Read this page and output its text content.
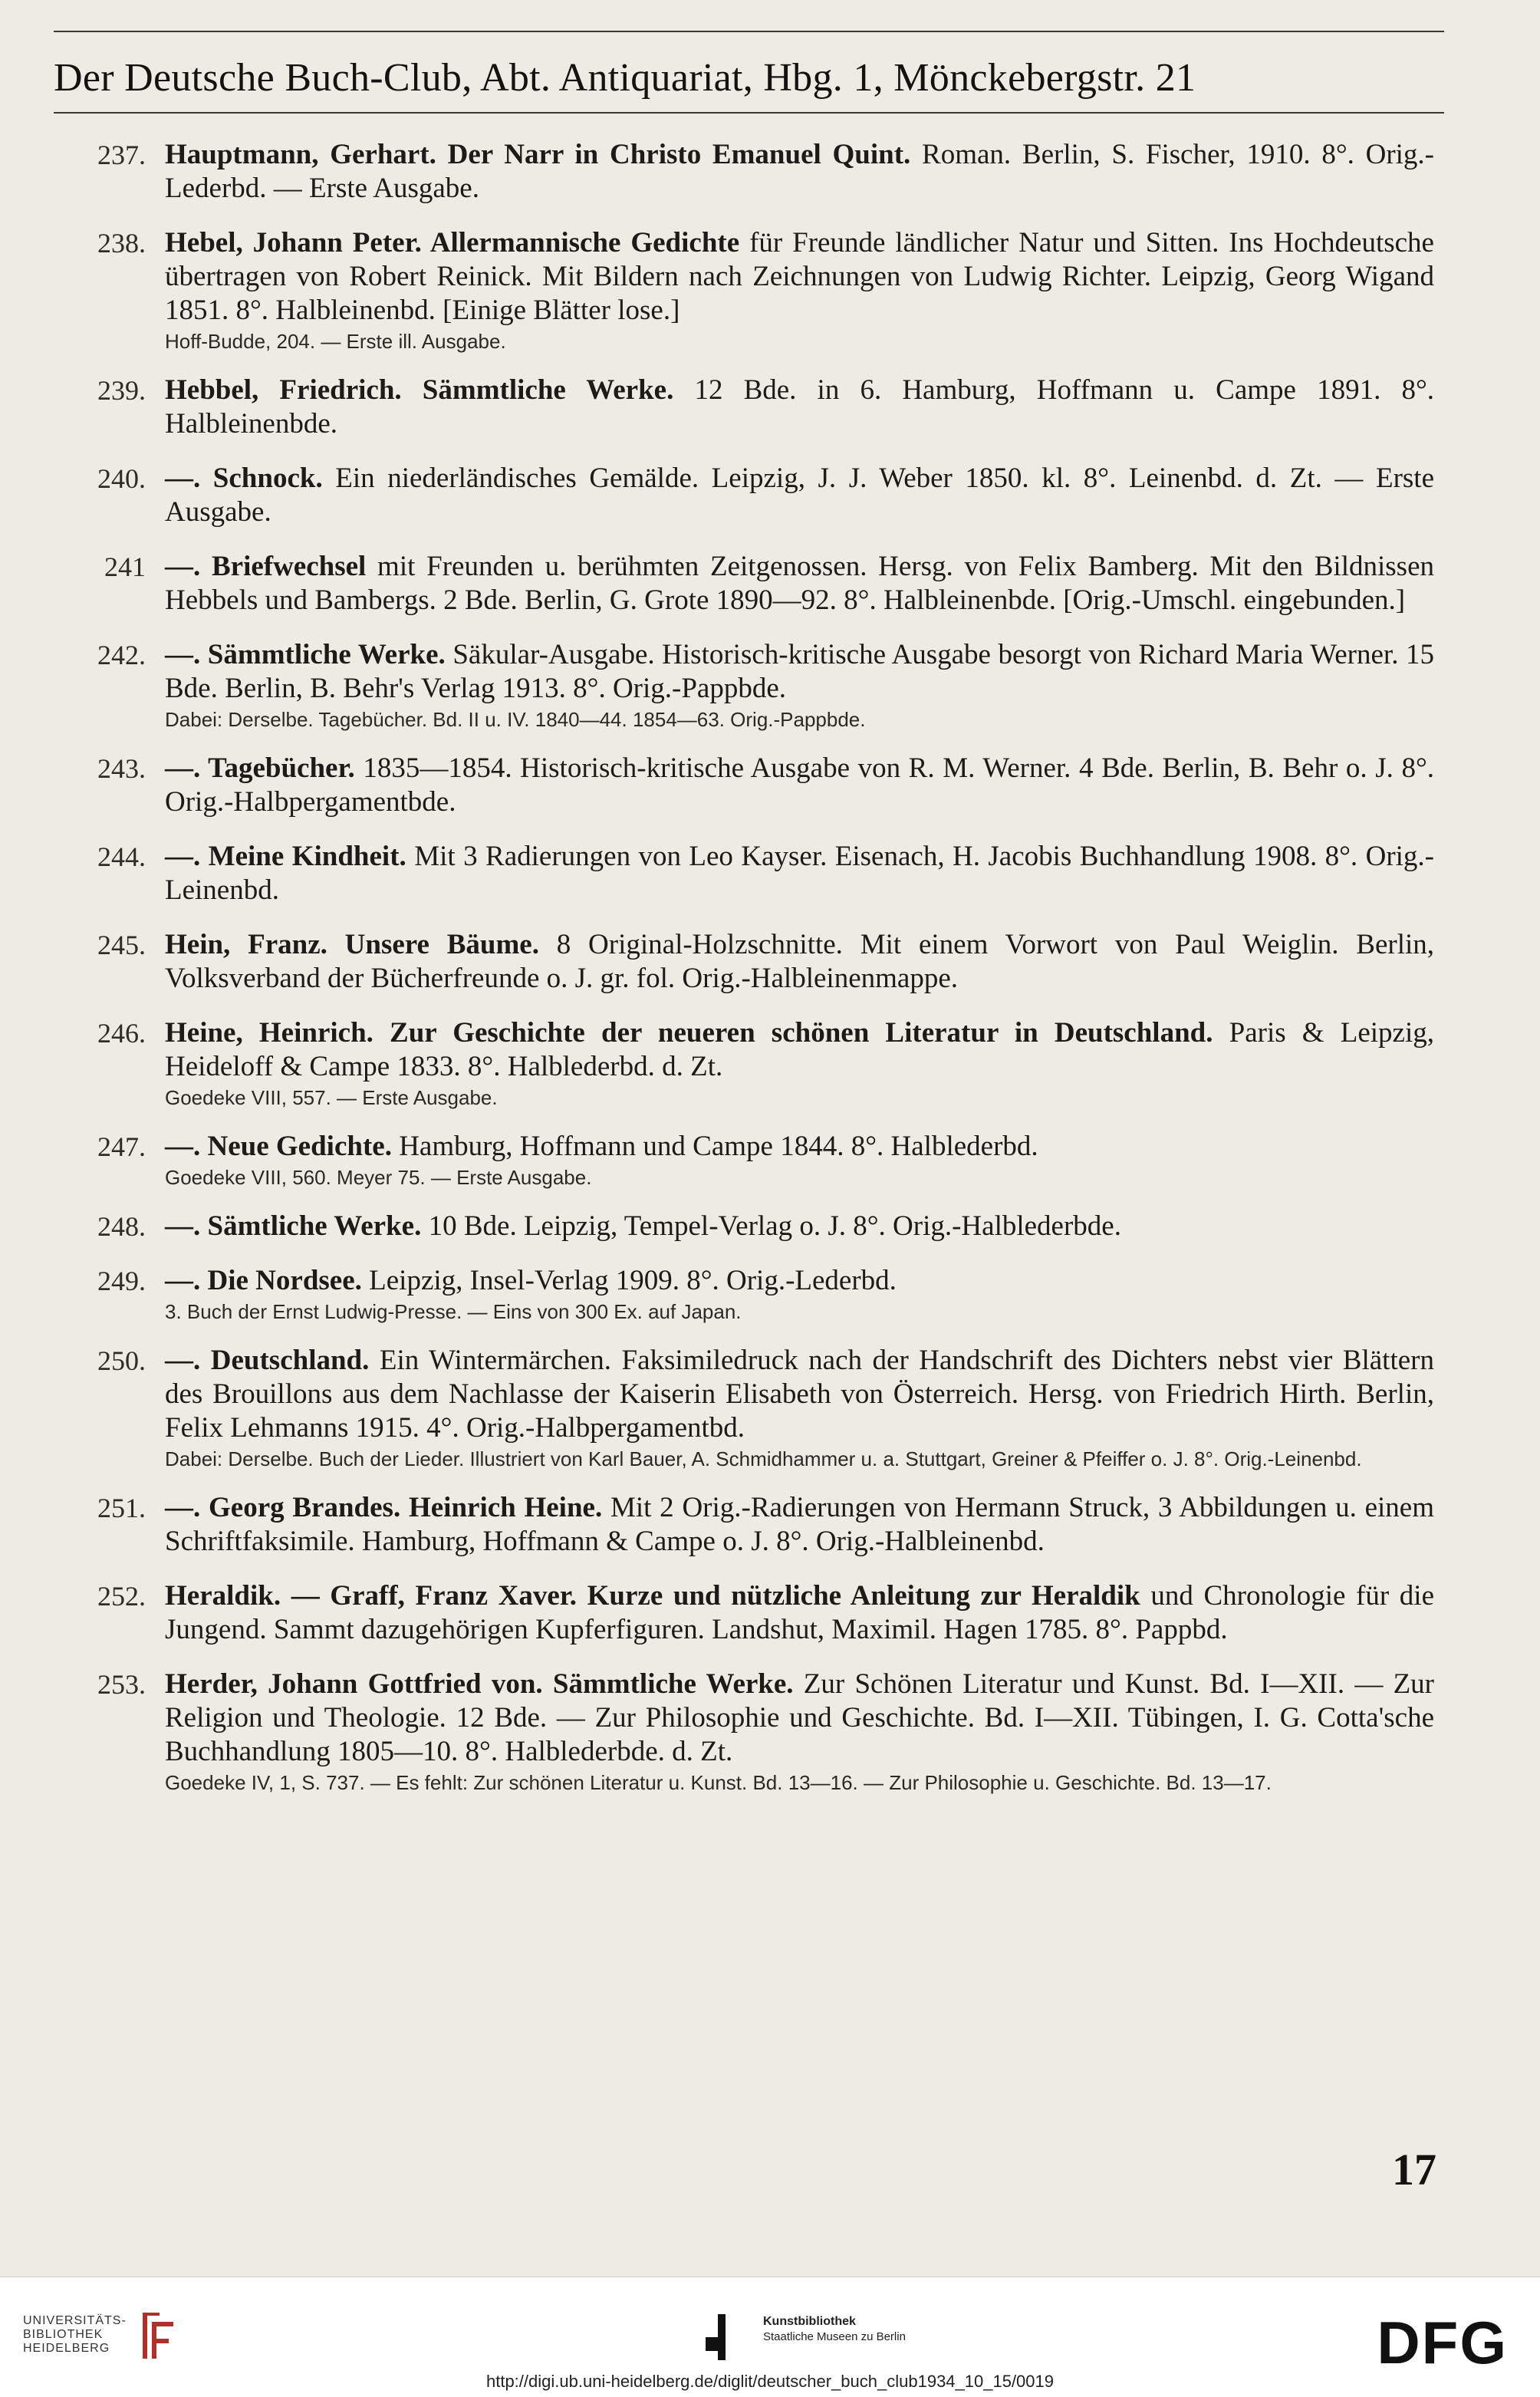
Der Deutsche Buch-Club, Abt. Antiquariat, Hbg. 1, Mönckebergstr. 21
237. Hauptmann, Gerhart. Der Narr in Christo Emanuel Quint. Roman. Berlin, S. Fischer, 1910. 8°. Orig.-Lederbd. — Erste Ausgabe.
238. Hebel, Johann Peter. Allermannische Gedichte für Freunde ländlicher Natur und Sitten. Ins Hochdeutsche übertragen von Robert Reinick. Mit Bildern nach Zeichnungen von Ludwig Richter. Leipzig, Georg Wigand 1851. 8°. Halbleinenbd. [Einige Blätter lose.]
Hoff-Budde, 204. — Erste ill. Ausgabe.
239. Hebbel, Friedrich. Sämmtliche Werke. 12 Bde. in 6. Hamburg, Hoffmann u. Campe 1891. 8°. Halbleinenbde.
240. —. Schnock. Ein niederländisches Gemälde. Leipzig, J. J. Weber 1850. kl. 8°. Leinenbd. d. Zt. — Erste Ausgabe.
241 —. Briefwechsel mit Freunden u. berühmten Zeitgenossen. Hersg. von Felix Bamberg. Mit den Bildnissen Hebbels und Bambergs. 2 Bde. Berlin, G. Grote 1890—92. 8°. Halbleinenbde. [Orig.-Umschl. eingebunden.]
242. —. Sämmtliche Werke. Säkular-Ausgabe. Historisch-kritische Ausgabe besorgt von Richard Maria Werner. 15 Bde. Berlin, B. Behr's Verlag 1913. 8°. Orig.-Pappbde.
Dabei: Derselbe. Tagebücher. Bd. II u. IV. 1840—44. 1854—63. Orig.-Pappbde.
243. —. Tagebücher. 1835—1854. Historisch-kritische Ausgabe von R. M. Werner. 4 Bde. Berlin, B. Behr o. J. 8°. Orig.-Halbpergamentbde.
244. —. Meine Kindheit. Mit 3 Radierungen von Leo Kayser. Eisenach, H. Jacobis Buchhandlung 1908. 8°. Orig.-Leinenbd.
245. Hein, Franz. Unsere Bäume. 8 Original-Holzschnitte. Mit einem Vorwort von Paul Weiglin. Berlin, Volksverband der Bücherfreunde o. J. gr. fol. Orig.-Halbleinenmappe.
246. Heine, Heinrich. Zur Geschichte der neueren schönen Literatur in Deutschland. Paris & Leipzig, Heideloff & Campe 1833. 8°. Halblederbd. d. Zt.
Goedeke VIII, 557. — Erste Ausgabe.
247. —. Neue Gedichte. Hamburg, Hoffmann und Campe 1844. 8°. Halblederbd.
Goedeke VIII, 560. Meyer 75. — Erste Ausgabe.
248. —. Sämtliche Werke. 10 Bde. Leipzig, Tempel-Verlag o. J. 8°. Orig.-Halblederbde.
249. —. Die Nordsee. Leipzig, Insel-Verlag 1909. 8°. Orig.-Lederbd.
3. Buch der Ernst Ludwig-Presse. — Eins von 300 Ex. auf Japan.
250. —. Deutschland. Ein Wintermärchen. Faksimiledruck nach der Handschrift des Dichters nebst vier Blättern des Brouillons aus dem Nachlasse der Kaiserin Elisabeth von Österreich. Hersg. von Friedrich Hirth. Berlin, Felix Lehmanns 1915. 4°. Orig.-Halbpergamentbd.
Dabei: Derselbe. Buch der Lieder. Illustriert von Karl Bauer, A. Schmidhammer u. a. Stuttgart, Greiner & Pfeiffer o. J. 8°. Orig.-Leinenbd.
251. —. Georg Brandes. Heinrich Heine. Mit 2 Orig.-Radierungen von Hermann Struck, 3 Abbildungen u. einem Schriftfaksimile. Hamburg, Hoffmann & Campe o. J. 8°. Orig.-Halbleinenbd.
252. Heraldik. — Graff, Franz Xaver. Kurze und nützliche Anleitung zur Heraldik und Chronologie für die Jungend. Sammt dazugehörigen Kupferfiguren. Landshut, Maximil. Hagen 1785. 8°. Pappbd.
253. Herder, Johann Gottfried von. Sämmtliche Werke. Zur Schönen Literatur und Kunst. Bd. I—XII. — Zur Religion und Theologie. 12 Bde. — Zur Philosophie und Geschichte. Bd. I—XII. Tübingen, I. G. Cotta'sche Buchhandlung 1805—10. 8°. Halblederbde. d. Zt.
Goedeke IV, 1, S. 737. — Es fehlt: Zur schönen Literatur u. Kunst. Bd. 13—16. — Zur Philosophie u. Geschichte. Bd. 13—17.
17
UNIVERSITÄTS-
BIBLIOTHEK
HEIDELBERG
Kunstbibliothek
Staatliche Museen zu Berlin	DFG
http://digi.ub.uni-heidelberg.de/diglit/deutscher_buch_club1934_10_15/0019
